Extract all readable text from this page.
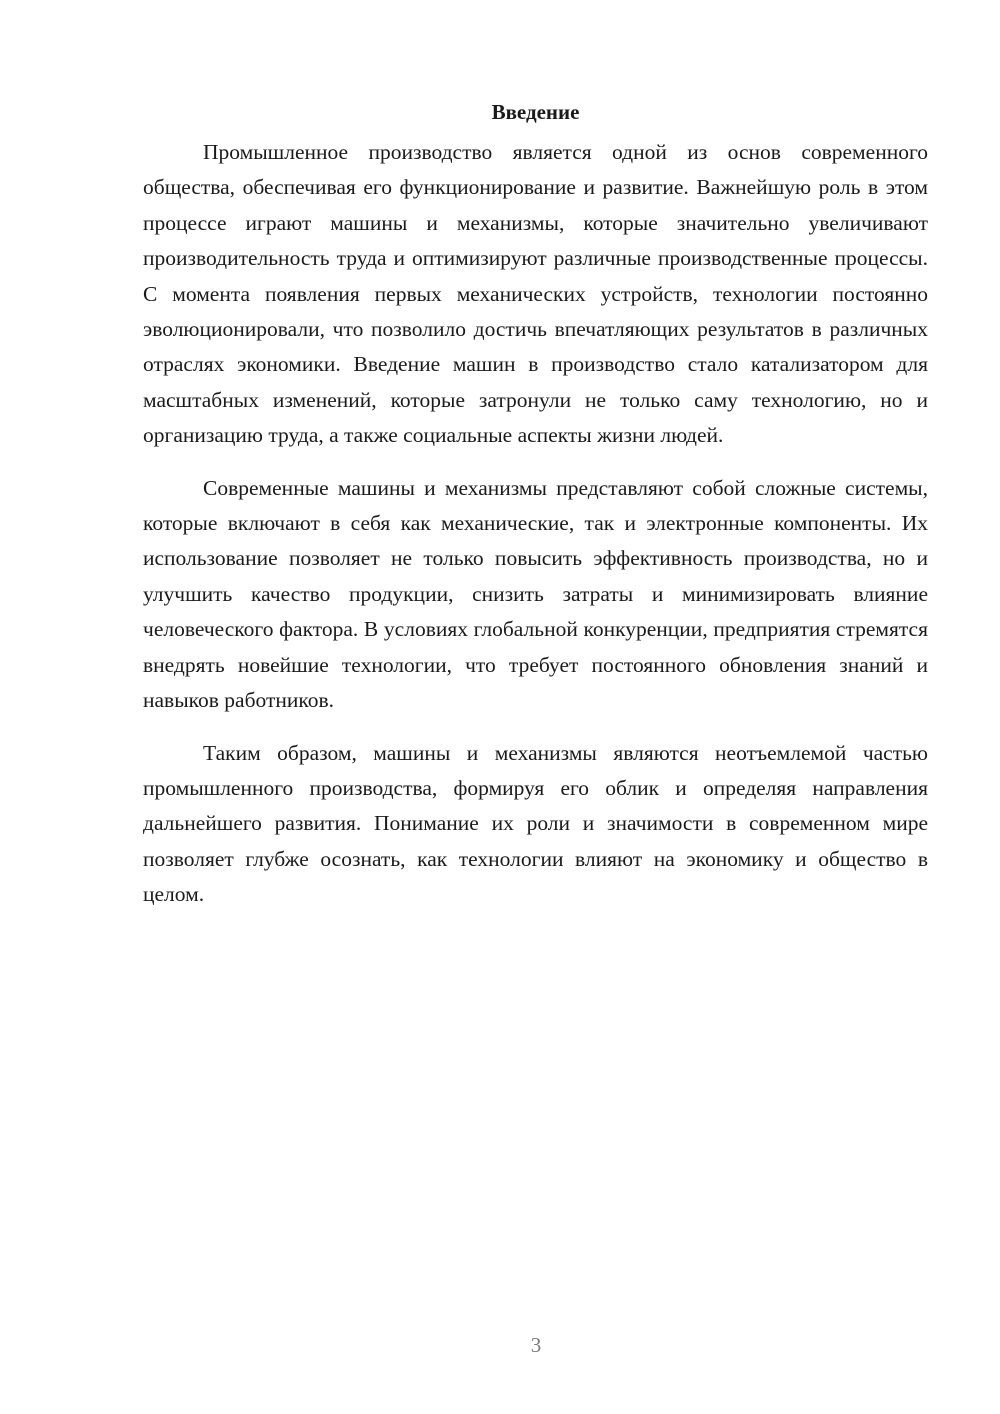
Введение

Промышленное производство является одной из основ современного общества, обеспечивая его функционирование и развитие. Важнейшую роль в этом процессе играют машины и механизмы, которые значительно увеличивают производительность труда и оптимизируют различные производственные процессы. С момента появления первых механических устройств, технологии постоянно эволюционировали, что позволило достичь впечатляющих результатов в различных отраслях экономики. Введение машин в производство стало катализатором для масштабных изменений, которые затронули не только саму технологию, но и организацию труда, а также социальные аспекты жизни людей.

Современные машины и механизмы представляют собой сложные системы, которые включают в себя как механические, так и электронные компоненты. Их использование позволяет не только повысить эффективность производства, но и улучшить качество продукции, снизить затраты и минимизировать влияние человеческого фактора. В условиях глобальной конкуренции, предприятия стремятся внедрять новейшие технологии, что требует постоянного обновления знаний и навыков работников.

Таким образом, машины и механизмы являются неотъемлемой частью промышленного производства, формируя его облик и определяя направления дальнейшего развития. Понимание их роли и значимости в современном мире позволяет глубже осознать, как технологии влияют на экономику и общество в целом.

3
